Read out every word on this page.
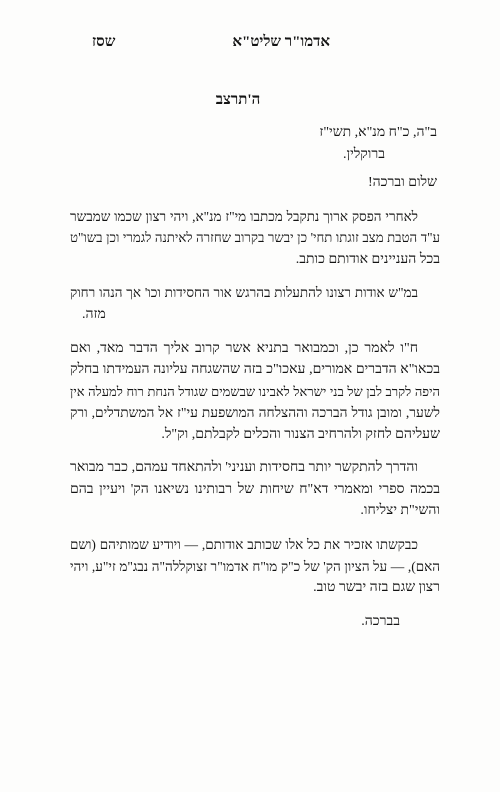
אדמו"ר שליט"א
שסז
ה'תרצב
ב"ה, כ"ח מנ"א, תשי"ז
ברוקלין.
שלום וברכה!
לאחרי הפסק ארוך נתקבל מכתבו מי"ז מנ"א, ויהי רצון שכמו שמבשר
ע"ד הטבת מצב זוגתו תחי' כן יבשר בקרוב שחזרה לאיתנה לגמרי וכן בשו"ט
בכל העניינים אודותם כותב.
במ"ש אודות רצונו להתעלות בהרגש אור החסידות וכו' אך הנהו רחוק
מזה.
ח"ו לאמר כן, וכמבואר בתניא אשר קרוב אליך הדבר מאד, ואם
בכאו"א הדברים אמורים, עאכו"כ בזה שהשגחה עליונה העמידתו בחלק
היפה לקרב לבן של בני ישראל לאבינו שבשמים שגודל הנחת רוח למעלה אין
לשער, ומובן גודל הברכה וההצלחה המושפעת עי"ז אל המשתדלים, ורק
שעליהם לחזק ולהרחיב הצנור והכלים לקבלתם, וק"ל.
והדרך להתקשר יותר בחסידות ועניני' ולהתאחד עמהם, כבר מבואר
בכמה ספרי ומאמרי דא"ח שיחות של רבותינו נשיאנו הק' ויעיין בהם
והשי"ת יצליחו.
כבקשתו אזכיר את כל אלו שכותב אודותם, — ויודיע שמותיהם (ושם
האם), — על הציון הק' של כ"ק מו"ח אדמו"ר זצוקללה"ה נבג"מ זי"ע, ויהי
רצון שגם בזה יבשר טוב.
בברכה.
